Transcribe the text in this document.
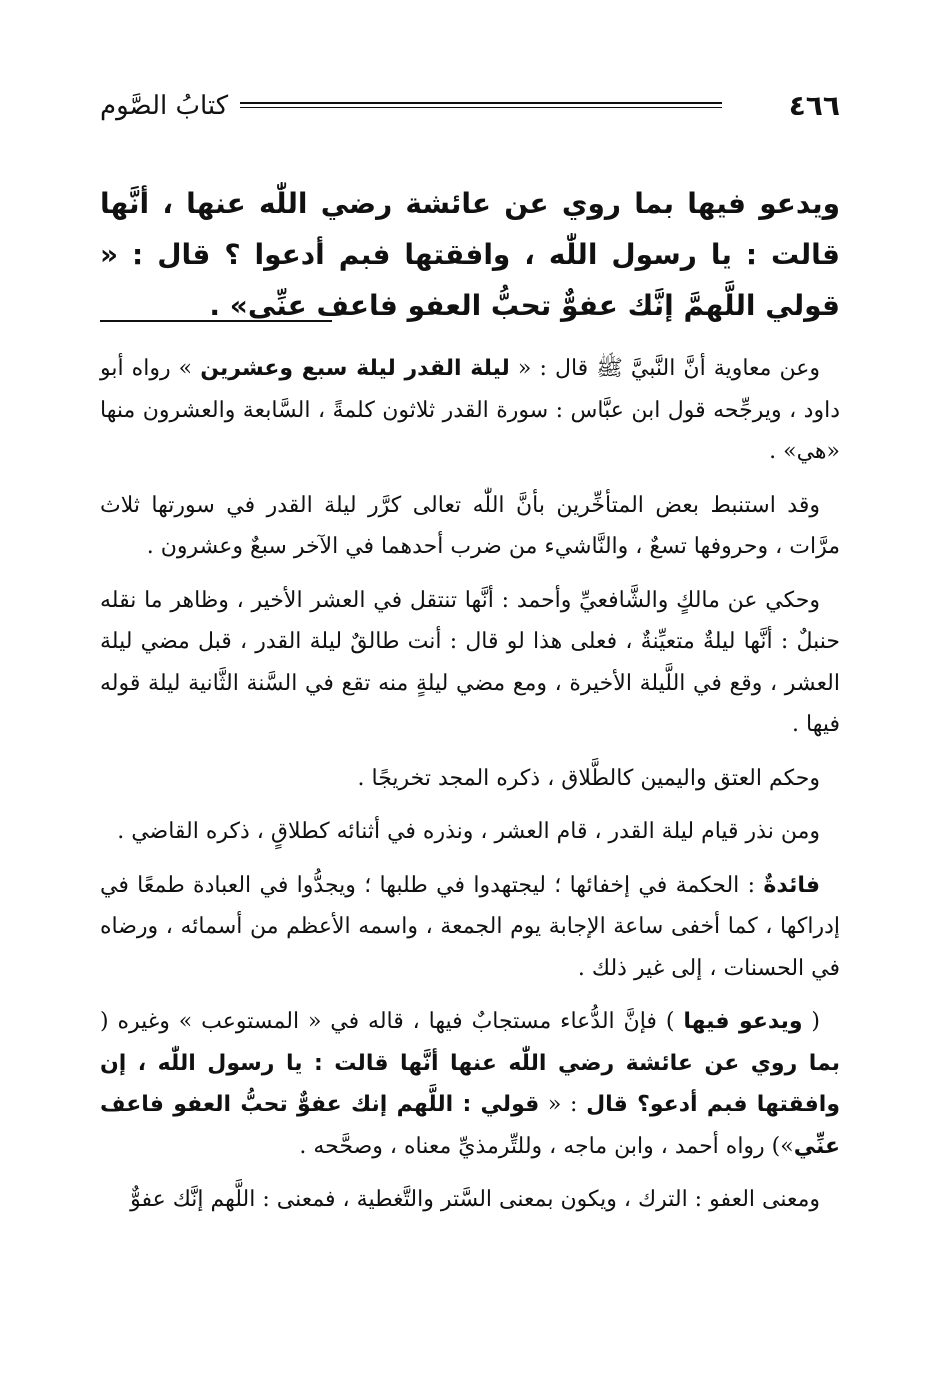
٤٦٦
كتابُ الصَّوم
ويدعو فيها بما روي عن عائشة رضي اللّٰه عنها ، أنَّها قالت : يا رسول اللّٰه ، وافقتها فبم أدعوا ؟ قال : « قولي اللَّهمَّ إنَّك عفوٌّ تحبُّ العفو فاعف عنِّي» .

وعن معاوية أنَّ النَّبيَّ ﷺ قال : « ليلة القدر ليلة سبع وعشرين » رواه أبو داود ، ويرجِّحه قول ابن عبَّاس : سورة القدر ثلاثون كلمةً ، السَّابعة والعشرون منها «هي» .

وقد استنبط بعض المتأخِّرين بأنَّ اللّٰه تعالى كرَّر ليلة القدر في سورتها ثلاث مرَّات ، وحروفها تسعٌ ، والنَّاشيء من ضرب أحدهما في الآخر سبعٌ وعشرون .

وحكي عن مالكٍ والشَّافعيِّ وأحمد : أنَّها تنتقل في العشر الأخير ، وظاهر ما نقله حنبلٌ : أنَّها ليلةٌ متعيِّنةٌ ، فعلى هذا لو قال : أنت طالقٌ ليلة القدر ، قبل مضي ليلة العشر ، وقع في اللَّيلة الأخيرة ، ومع مضي ليلةٍ منه تقع في السَّنة الثَّانية ليلة قوله فيها .

وحكم العتق واليمين كالطَّلاق ، ذكره المجد تخريجًا .

ومن نذر قيام ليلة القدر ، قام العشر ، ونذره في أثنائه كطلاقٍ ، ذكره القاضي .

فائدةٌ : الحكمة في إخفائها ؛ ليجتهدوا في طلبها ؛ ويجدُّوا في العبادة طمعًا في إدراكها ، كما أخفى ساعة الإجابة يوم الجمعة ، واسمه الأعظم من أسمائه ، ورضاه في الحسنات ، إلى غير ذلك .

( ويدعو فيها ) فإنَّ الدُّعاء مستجابٌ فيها ، قاله في « المستوعب » وغيره ( بما روي عن عائشة رضي اللّٰه عنها أنَّها قالت : يا رسول اللّٰه ، إن وافقتها فبم أدعو؟ قال : « قولي : اللَّهم إنك عفوٌّ تحبُّ العفو فاعف عنِّي») رواه أحمد ، وابن ماجه ، وللتِّرمذيِّ معناه ، وصحَّحه .

ومعنى العفو : الترك ، ويكون بمعنى السَّتر والتَّغطية ، فمعنى : اللَّهم إنَّك عفوٌّ
